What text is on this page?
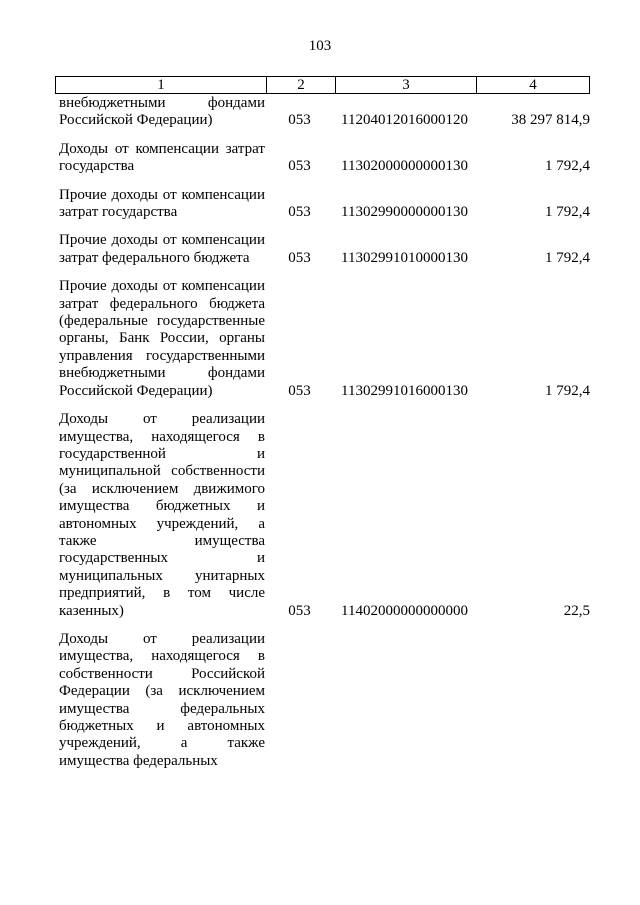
103
1	2	3	4
внебюджетными фондами Российской Федерации)	053	11204012016000120	38 297 814,9
Доходы от компенсации затрат государства	053	11302000000000130	1 792,4
Прочие доходы от компенсации затрат государства	053	11302990000000130	1 792,4
Прочие доходы от компенсации затрат федерального бюджета	053	11302991010000130	1 792,4
Прочие доходы от компенсации затрат федерального бюджета (федеральные государственные органы, Банк России, органы управления государственными внебюджетными фондами Российской Федерации)	053	11302991016000130	1 792,4
Доходы от реализации имущества, находящегося в государственной и муниципальной собственности (за исключением движимого имущества бюджетных и автономных учреждений, а также имущества государственных и муниципальных унитарных предприятий, в том числе казенных)	053	11402000000000000	22,5
Доходы от реализации имущества, находящегося в собственности Российской Федерации (за исключением имущества федеральных бюджетных и автономных учреждений, а также имущества федеральных
